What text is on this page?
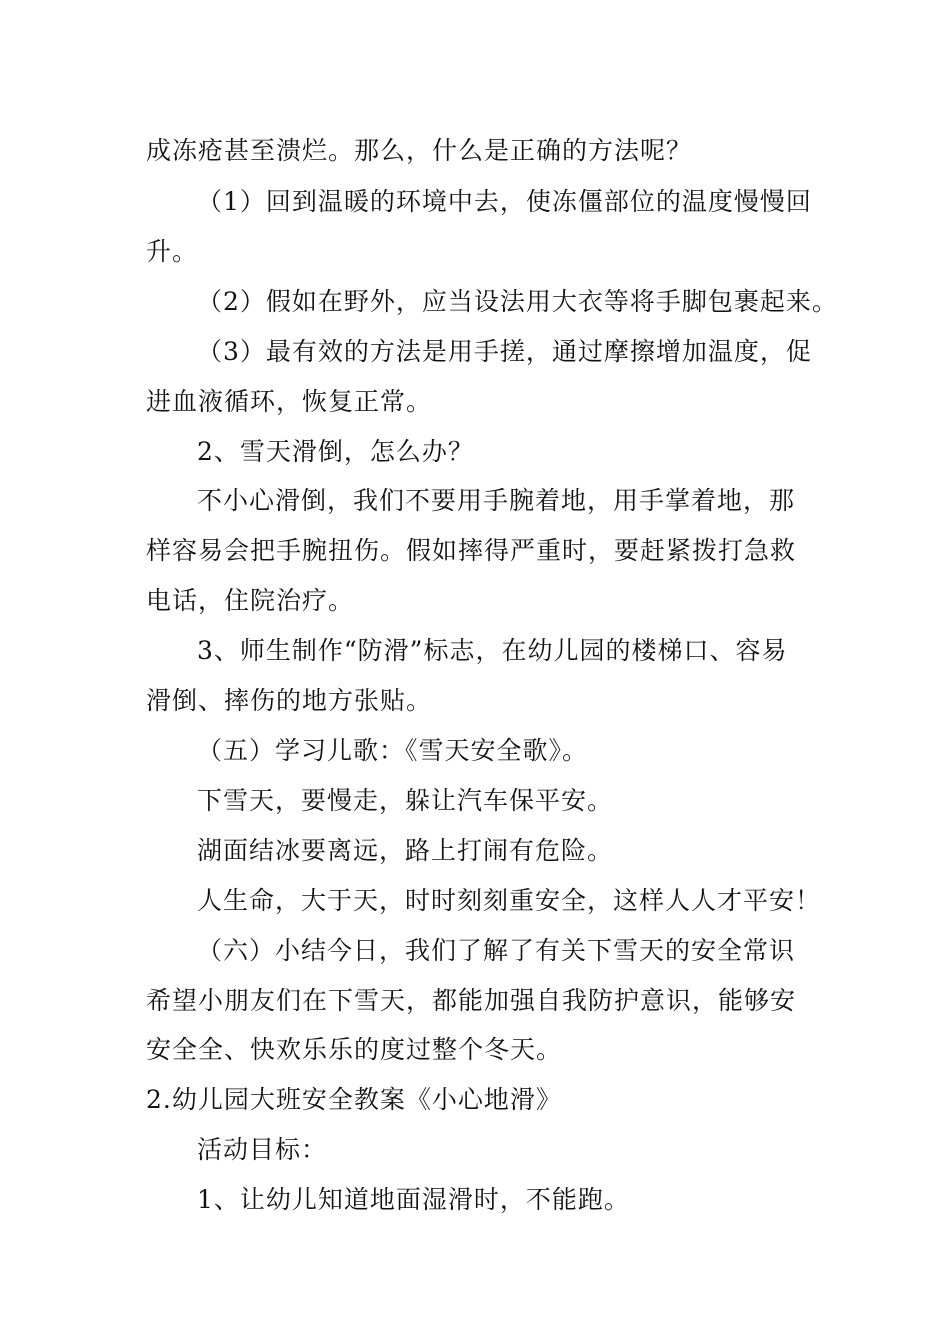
成冻疮甚至溃烂。那么，什么是正确的方法呢？
（1）回到温暖的环境中去，使冻僵部位的温度慢慢回
升。
（2）假如在野外，应当设法用大衣等将手脚包裹起来。
（3）最有效的方法是用手搓，通过摩擦增加温度，促
进血液循环，恢复正常。
2、雪天滑倒，怎么办？
不小心滑倒，我们不要用手腕着地，用手掌着地，那
样容易会把手腕扭伤。假如摔得严重时，要赶紧拨打急救
电话，住院治疗。
3、师生制作“防滑”标志，在幼儿园的楼梯口、容易
滑倒、摔伤的地方张贴。
（五）学习儿歌：《雪天安全歌》。
下雪天，要慢走，躲让汽车保平安。
湖面结冰要离远，路上打闹有危险。
人生命，大于天，时时刻刻重安全，这样人人才平安！
（六）小结今日，我们了解了有关下雪天的安全常识
希望小朋友们在下雪天，都能加强自我防护意识，能够安
安全全、快欢乐乐的度过整个冬天。
2.幼儿园大班安全教案《小心地滑》
活动目标：
1、让幼儿知道地面湿滑时，不能跑。
